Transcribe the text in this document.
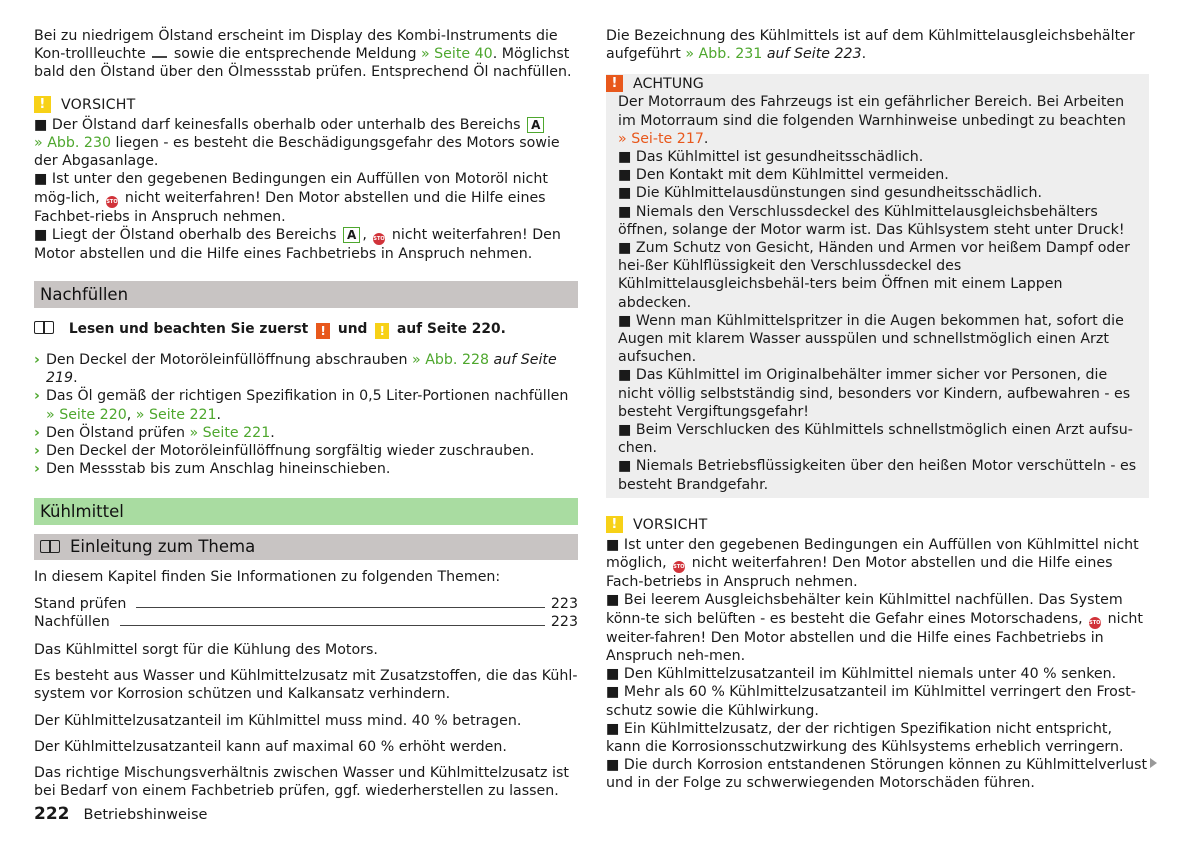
Bei zu niedrigem Ölstand erscheint im Display des Kombi-Instruments die Kon-trollleuchte sowie die entsprechende Meldung » Seite 40. Möglichst bald den Ölstand über den Ölmessstab prüfen. Entsprechend Öl nachfüllen.

!	VORSICHT

■ Der Ölstand darf keinesfalls oberhalb oder unterhalb des Bereichs A
» Abb. 230 liegen - es besteht die Beschädigungsgefahr des Motors sowie der Abgasanlage.

■ Ist unter den gegebenen Bedingungen ein Auffüllen von Motoröl nicht mög-lich, STOP nicht weiterfahren! Den Motor abstellen und die Hilfe eines Fachbet-riebs in Anspruch nehmen.

■ Liegt der Ölstand oberhalb des Bereichs A , STOP nicht weiterfahren! Den Motor abstellen und die Hilfe eines Fachbetriebs in Anspruch nehmen.

Nachfüllen

Lesen und beachten Sie zuerst ! und ! auf Seite 220.

› Den Deckel der Motoröleinfüllöffnung abschrauben » Abb. 228 auf Seite 219.
› Das Öl gemäß der richtigen Spezifikation in 0,5 Liter-Portionen nachfüllen
» Seite 220, » Seite 221.
› Den Ölstand prüfen » Seite 221.
› Den Deckel der Motoröleinfüllöffnung sorgfältig wieder zuschrauben.
› Den Messstab bis zum Anschlag hineinschieben.
Kühlmittel
Einleitung zum Thema

In diesem Kapitel finden Sie Informationen zu folgenden Themen:

Stand prüfen	223
Nachfüllen	223

Das Kühlmittel sorgt für die Kühlung des Motors.

Es besteht aus Wasser und Kühlmittelzusatz mit Zusatzstoffen, die das Kühl-system vor Korrosion schützen und Kalkansatz verhindern.

Der Kühlmittelzusatzanteil im Kühlmittel muss mind. 40 % betragen.

Der Kühlmittelzusatzanteil kann auf maximal 60 % erhöht werden.

Das richtige Mischungsverhältnis zwischen Wasser und Kühlmittelzusatz ist bei Bedarf von einem Fachbetrieb prüfen, ggf. wiederherstellen zu lassen.

Die Bezeichnung des Kühlmittels ist auf dem Kühlmittelausgleichsbehälter aufgeführt » Abb. 231 auf Seite 223.

!	ACHTUNG

Der Motorraum des Fahrzeugs ist ein gefährlicher Bereich. Bei Arbeiten im Motorraum sind die folgenden Warnhinweise unbedingt zu beachten » Sei-te 217.

■ Das Kühlmittel ist gesundheitsschädlich.

■ Den Kontakt mit dem Kühlmittel vermeiden.

■ Die Kühlmittelausdünstungen sind gesundheitsschädlich.

■ Niemals den Verschlussdeckel des Kühlmittelausgleichsbehälters öffnen, solange der Motor warm ist. Das Kühlsystem steht unter Druck!

■ Zum Schutz von Gesicht, Händen und Armen vor heißem Dampf oder hei-ßer Kühlflüssigkeit den Verschlussdeckel des Kühlmittelausgleichsbehäl-ters beim Öffnen mit einem Lappen abdecken.

■ Wenn man Kühlmittelspritzer in die Augen bekommen hat, sofort die Augen mit klarem Wasser ausspülen und schnellstmöglich einen Arzt aufsuchen.

■ Das Kühlmittel im Originalbehälter immer sicher vor Personen, die nicht völlig selbstständig sind, besonders vor Kindern, aufbewahren - es besteht Vergiftungsgefahr!

■ Beim Verschlucken des Kühlmittels schnellstmöglich einen Arzt aufsu-chen.

■ Niemals Betriebsflüssigkeiten über den heißen Motor verschütteln - es besteht Brandgefahr.

!	VORSICHT

■ Ist unter den gegebenen Bedingungen ein Auffüllen von Kühlmittel nicht möglich, STOP nicht weiterfahren! Den Motor abstellen und die Hilfe eines Fach-betriebs in Anspruch nehmen.

■ Bei leerem Ausgleichsbehälter kein Kühlmittel nachfüllen. Das System könn-te sich belüften - es besteht die Gefahr eines Motorschadens, STOP nicht weiter-fahren! Den Motor abstellen und die Hilfe eines Fachbetriebs in Anspruch neh-men.

■ Den Kühlmittelzusatzanteil im Kühlmittel niemals unter 40 % senken.

■ Mehr als 60 % Kühlmittelzusatzanteil im Kühlmittel verringert den Frost-schutz sowie die Kühlwirkung.

■ Ein Kühlmittelzusatz, der der richtigen Spezifikation nicht entspricht, kann die Korrosionsschutzwirkung des Kühlsystems erheblich verringern.

■ Die durch Korrosion entstandenen Störungen können zu Kühlmittelverlust und in der Folge zu schwerwiegenden Motorschäden führen.

222 Betriebshinweise
